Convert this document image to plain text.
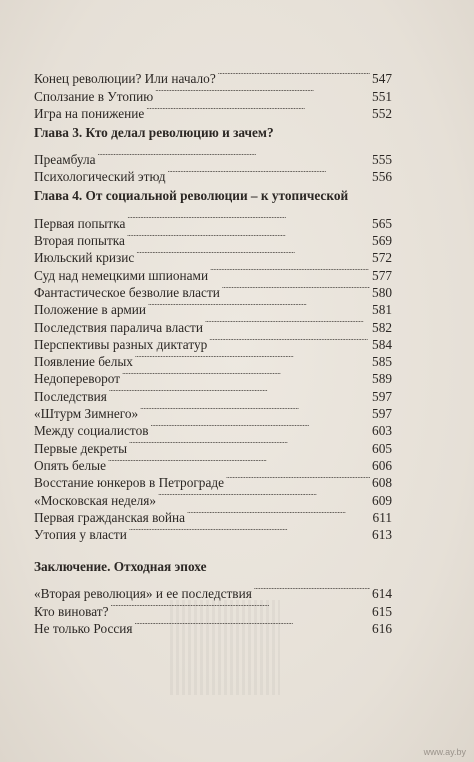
Конец революции? Или начало? . . .	547
Сползание в Утопию . . .	551
Игра на понижение . . .	552
Глава 3. Кто делал революцию и зачем?
Преамбула . . .	555
Психологический этюд . . .	556
Глава 4. От социальной революции – к утопической
Первая попытка . . .	565
Вторая попытка . . .	569
Июльский кризис . . .	572
Суд над немецкими шпионами . . .	577
Фантастическое безволие власти . . .	580
Положение в армии . . .	581
Последствия паралича власти . . .	582
Перспективы разных диктатур . . .	584
Появление белых . . .	585
Недопереворот . . .	589
Последствия . . .	597
«Штурм Зимнего» . . .	597
Между социалистов . . .	603
Первые декреты . . .	605
Опять белые . . .	606
Восстание юнкеров в Петрограде . . .	608
«Московская неделя» . . .	609
Первая гражданская война . . .	611
Утопия у власти . . .	613
Заключение. Отходная эпохе
«Вторая революция» и ее последствия . . .	614
Кто виноват? . . .	615
Не только Россия . . .	616
www.ay.by
